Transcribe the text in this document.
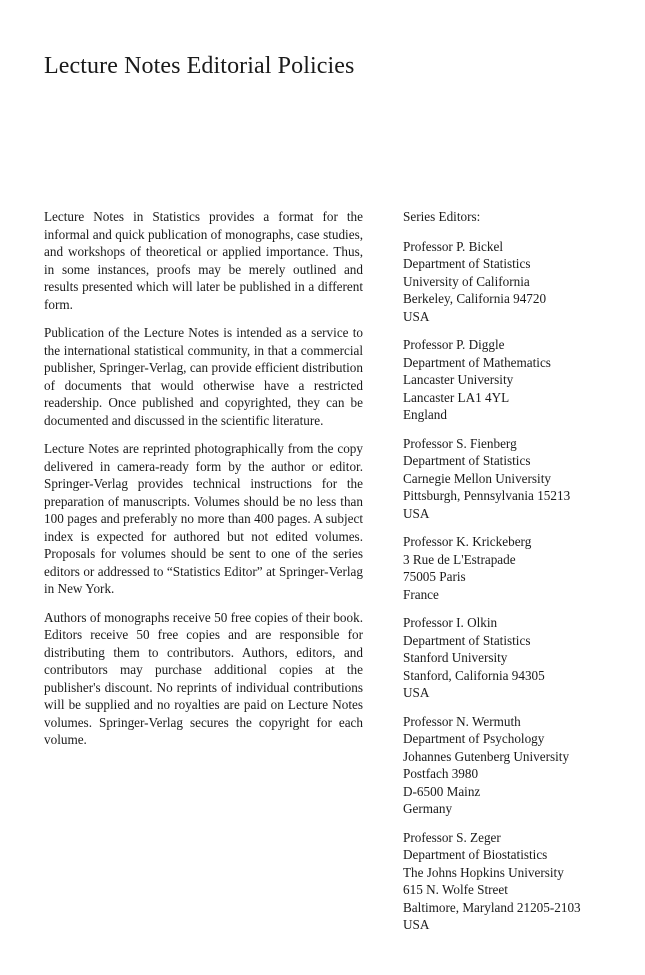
Lecture Notes Editorial Policies

Lecture Notes in Statistics provides a format for the informal and quick publication of monographs, case studies, and workshops of theoretical or applied importance. Thus, in some instances, proofs may be merely outlined and results presented which will later be published in a different form.

Publication of the Lecture Notes is intended as a service to the international statistical community, in that a commercial publisher, Springer-Verlag, can provide efficient distribution of documents that would otherwise have a restricted readership. Once published and copyrighted, they can be documented and discussed in the scientific literature.

Lecture Notes are reprinted photographically from the copy delivered in camera-ready form by the author or editor. Springer-Verlag provides technical instructions for the preparation of manuscripts. Volumes should be no less than 100 pages and preferably no more than 400 pages. A subject index is expected for authored but not edited volumes. Proposals for volumes should be sent to one of the series editors or addressed to “Statistics Editor” at Springer-Verlag in New York.

Authors of monographs receive 50 free copies of their book. Editors receive 50 free copies and are responsible for distributing them to contributors. Authors, editors, and contributors may purchase additional copies at the publisher's discount. No reprints of individual contributions will be supplied and no royalties are paid on Lecture Notes volumes. Springer-Verlag secures the copyright for each volume.

Series Editors:
Professor P. Bickel
Department of Statistics
University of California
Berkeley, California 94720
USA
Professor P. Diggle
Department of Mathematics
Lancaster University
Lancaster LA1 4YL
England
Professor S. Fienberg
Department of Statistics
Carnegie Mellon University
Pittsburgh, Pennsylvania 15213
USA
Professor K. Krickeberg
3 Rue de L'Estrapade
75005 Paris
France
Professor I. Olkin
Department of Statistics
Stanford University
Stanford, California 94305
USA
Professor N. Wermuth
Department of Psychology
Johannes Gutenberg University
Postfach 3980
D-6500 Mainz
Germany
Professor S. Zeger
Department of Biostatistics
The Johns Hopkins University
615 N. Wolfe Street
Baltimore, Maryland 21205-2103
USA
